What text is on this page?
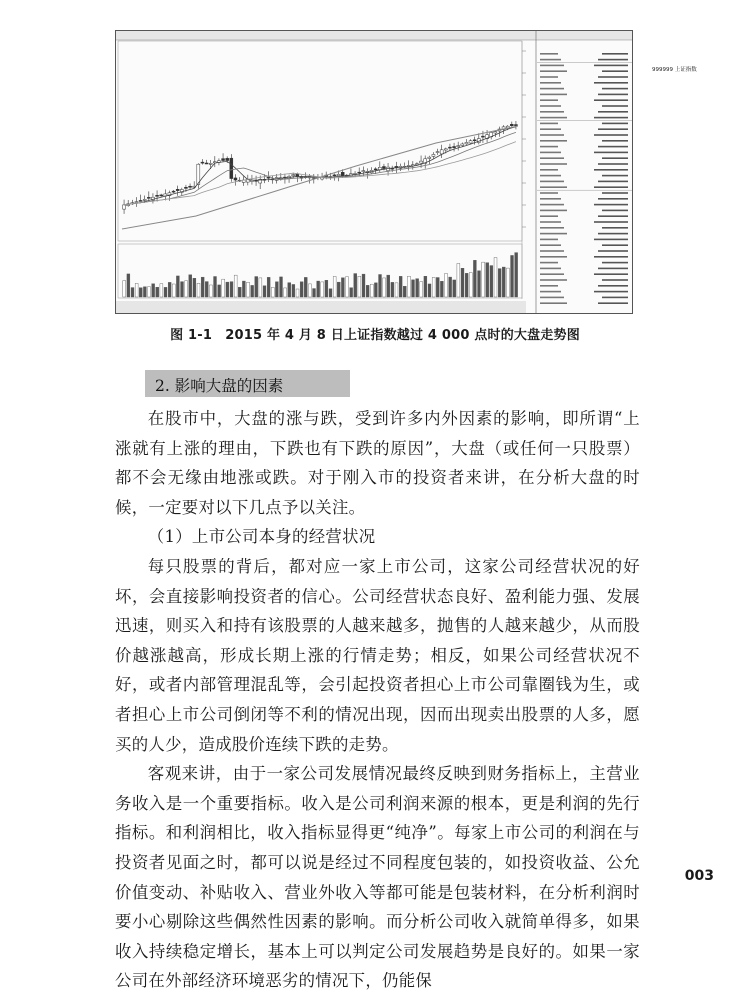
999999 上证指数
图 1-1　2015 年 4 月 8 日上证指数越过 4 000 点时的大盘走势图
2. 影响大盘的因素

在股市中，大盘的涨与跌，受到许多内外因素的影响，即所谓“上涨就有上涨的理由，下跌也有下跌的原因”，大盘（或任何一只股票）都不会无缘由地涨或跌。对于刚入市的投资者来讲，在分析大盘的时候，一定要对以下几点予以关注。

（1）上市公司本身的经营状况

每只股票的背后，都对应一家上市公司，这家公司经营状况的好坏，会直接影响投资者的信心。公司经营状态良好、盈利能力强、发展迅速，则买入和持有该股票的人越来越多，抛售的人越来越少，从而股价越涨越高，形成长期上涨的行情走势；相反，如果公司经营状况不好，或者内部管理混乱等，会引起投资者担心上市公司靠圈钱为生，或者担心上市公司倒闭等不利的情况出现，因而出现卖出股票的人多，愿买的人少，造成股价连续下跌的走势。

客观来讲，由于一家公司发展情况最终反映到财务指标上，主营业务收入是一个重要指标。收入是公司利润来源的根本，更是利润的先行指标。和利润相比，收入指标显得更“纯净”。每家上市公司的利润在与投资者见面之时，都可以说是经过不同程度包装的，如投资收益、公允价值变动、补贴收入、营业外收入等都可能是包装材料，在分析利润时要小心剔除这些偶然性因素的影响。而分析公司收入就简单得多，如果收入持续稳定增长，基本上可以判定公司发展趋势是良好的。如果一家公司在外部经济环境恶劣的情况下，仍能保

003
